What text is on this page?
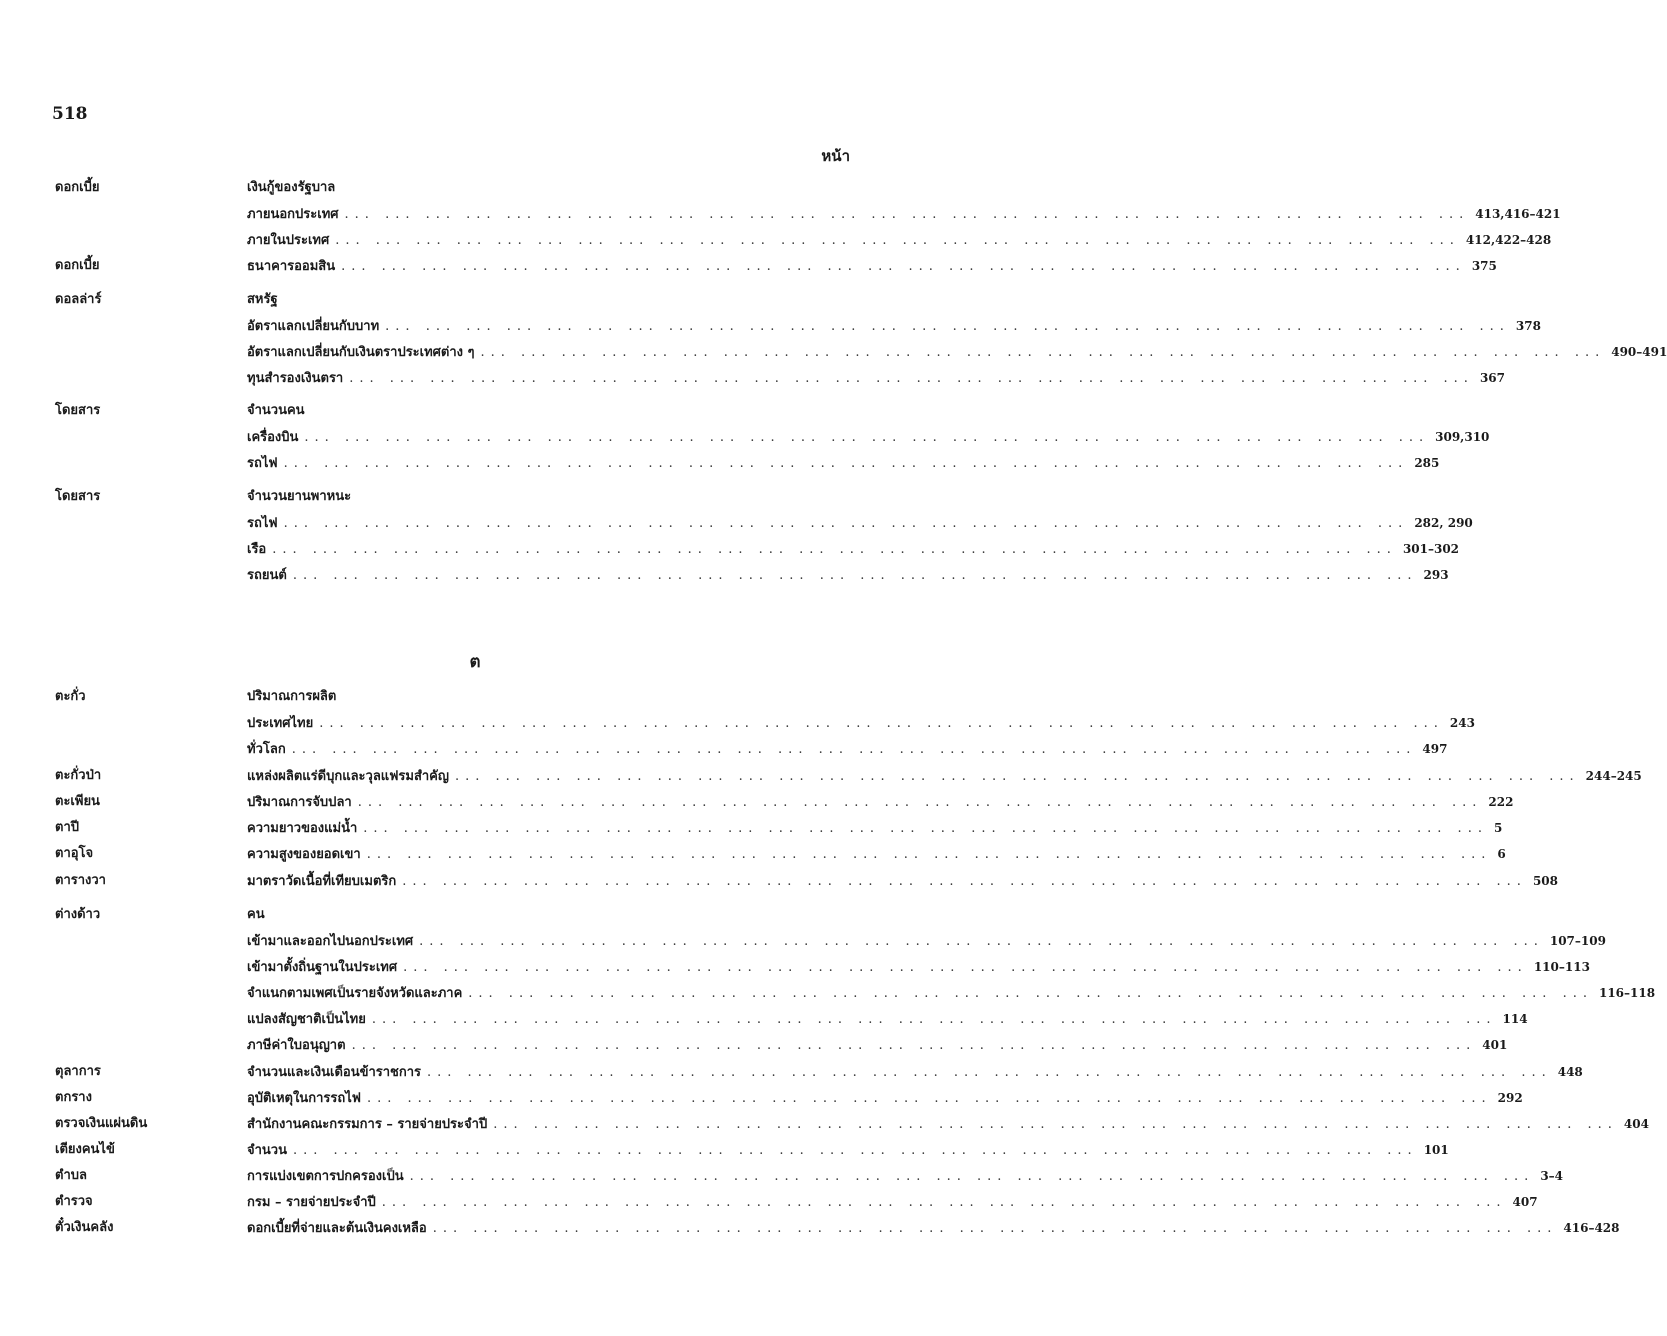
518
หน้า
ต
ดอกเบี้ย	เงินกู้ของรัฐบาล
ภายนอกประเทศ ... ... ... ... ... ... ... ... ... ... ... ... ... ... ... ... ... ... ... ... ... ... ... ... ... ... ... ... 413,416–421
ภายในประเทศ ... ... ... ... ... ... ... ... ... ... ... ... ... ... ... ... ... ... ... ... ... ... ... ... ... ... ... ... 412,422–428
ดอกเบี้ย	ธนาคารออมสิน ... ... ... ... ... ... ... ... ... ... ... ... ... ... ... ... ... ... ... ... ... ... ... ... ... ... ... ... 375
ดอลล่าร์	สหรัฐ
อัตราแลกเปลี่ยนกับบาท ... ... ... ... ... ... ... ... ... ... ... ... ... ... ... ... ... ... ... ... ... ... ... ... ... ... ... ... 378
อัตราแลกเปลี่ยนกับเงินตราประเทศต่าง ๆ ... ... ... ... ... ... ... ... ... ... ... ... ... ... ... ... ... ... ... ... ... ... ... ... ... ... ... ... 490–491
ทุนสำรองเงินตรา ... ... ... ... ... ... ... ... ... ... ... ... ... ... ... ... ... ... ... ... ... ... ... ... ... ... ... ... 367
โดยสาร	จำนวนคน
เครื่องบิน ... ... ... ... ... ... ... ... ... ... ... ... ... ... ... ... ... ... ... ... ... ... ... ... ... ... ... ... 309,310
รถไฟ ... ... ... ... ... ... ... ... ... ... ... ... ... ... ... ... ... ... ... ... ... ... ... ... ... ... ... ... 285
โดยสาร	จำนวนยานพาหนะ
รถไฟ ... ... ... ... ... ... ... ... ... ... ... ... ... ... ... ... ... ... ... ... ... ... ... ... ... ... ... ... 282, 290
เรือ ... ... ... ... ... ... ... ... ... ... ... ... ... ... ... ... ... ... ... ... ... ... ... ... ... ... ... ... 301–302
รถยนต์ ... ... ... ... ... ... ... ... ... ... ... ... ... ... ... ... ... ... ... ... ... ... ... ... ... ... ... ... 293
ตะกั่ว	ปริมาณการผลิต
ประเทศไทย ... ... ... ... ... ... ... ... ... ... ... ... ... ... ... ... ... ... ... ... ... ... ... ... ... ... ... ... 243
ทั่วโลก ... ... ... ... ... ... ... ... ... ... ... ... ... ... ... ... ... ... ... ... ... ... ... ... ... ... ... ... 497
ตะกั่วป่า	แหล่งผลิตแร่ดีบุกและวุลแฟรมสำคัญ ... ... ... ... ... ... ... ... ... ... ... ... ... ... ... ... ... ... ... ... ... ... ... ... ... ... ... ... 244–245
ตะเพียน	ปริมาณการจับปลา ... ... ... ... ... ... ... ... ... ... ... ... ... ... ... ... ... ... ... ... ... ... ... ... ... ... ... ... 222
ตาปี	ความยาวของแม่น้ำ ... ... ... ... ... ... ... ... ... ... ... ... ... ... ... ... ... ... ... ... ... ... ... ... ... ... ... ... 5
ตาอุโจ	ความสูงของยอดเขา ... ... ... ... ... ... ... ... ... ... ... ... ... ... ... ... ... ... ... ... ... ... ... ... ... ... ... ... 6
ตารางวา	มาตราวัดเนื้อที่เทียบเมตริก ... ... ... ... ... ... ... ... ... ... ... ... ... ... ... ... ... ... ... ... ... ... ... ... ... ... ... ... 508
ต่างด้าว	คน
เข้ามาและออกไปนอกประเทศ ... ... ... ... ... ... ... ... ... ... ... ... ... ... ... ... ... ... ... ... ... ... ... ... ... ... ... ... 107–109
เข้ามาตั้งถิ่นฐานในประเทศ ... ... ... ... ... ... ... ... ... ... ... ... ... ... ... ... ... ... ... ... ... ... ... ... ... ... ... ... 110–113
จำแนกตามเพศเป็นรายจังหวัดและภาค ... ... ... ... ... ... ... ... ... ... ... ... ... ... ... ... ... ... ... ... ... ... ... ... ... ... ... ... 116–118
แปลงสัญชาติเป็นไทย ... ... ... ... ... ... ... ... ... ... ... ... ... ... ... ... ... ... ... ... ... ... ... ... ... ... ... ... 114
ภาษีค่าใบอนุญาต ... ... ... ... ... ... ... ... ... ... ... ... ... ... ... ... ... ... ... ... ... ... ... ... ... ... ... ... 401
ตุลาการ	จำนวนและเงินเดือนข้าราชการ ... ... ... ... ... ... ... ... ... ... ... ... ... ... ... ... ... ... ... ... ... ... ... ... ... ... ... ... 448
ตกราง	อุบัติเหตุในการรถไฟ ... ... ... ... ... ... ... ... ... ... ... ... ... ... ... ... ... ... ... ... ... ... ... ... ... ... ... ... 292
ตรวจเงินแผ่นดิน	สำนักงานคณะกรรมการ – รายจ่ายประจำปี ... ... ... ... ... ... ... ... ... ... ... ... ... ... ... ... ... ... ... ... ... ... ... ... ... ... ... ... 404
เตียงคนไข้	จำนวน ... ... ... ... ... ... ... ... ... ... ... ... ... ... ... ... ... ... ... ... ... ... ... ... ... ... ... ... 101
ตำบล	การแบ่งเขตการปกครองเป็น ... ... ... ... ... ... ... ... ... ... ... ... ... ... ... ... ... ... ... ... ... ... ... ... ... ... ... ... 3–4
ตำรวจ	กรม – รายจ่ายประจำปี ... ... ... ... ... ... ... ... ... ... ... ... ... ... ... ... ... ... ... ... ... ... ... ... ... ... ... ... 407
ตั๋วเงินคลัง	ดอกเบี้ยที่จ่ายและต้นเงินคงเหลือ ... ... ... ... ... ... ... ... ... ... ... ... ... ... ... ... ... ... ... ... ... ... ... ... ... ... ... ... 416–428
